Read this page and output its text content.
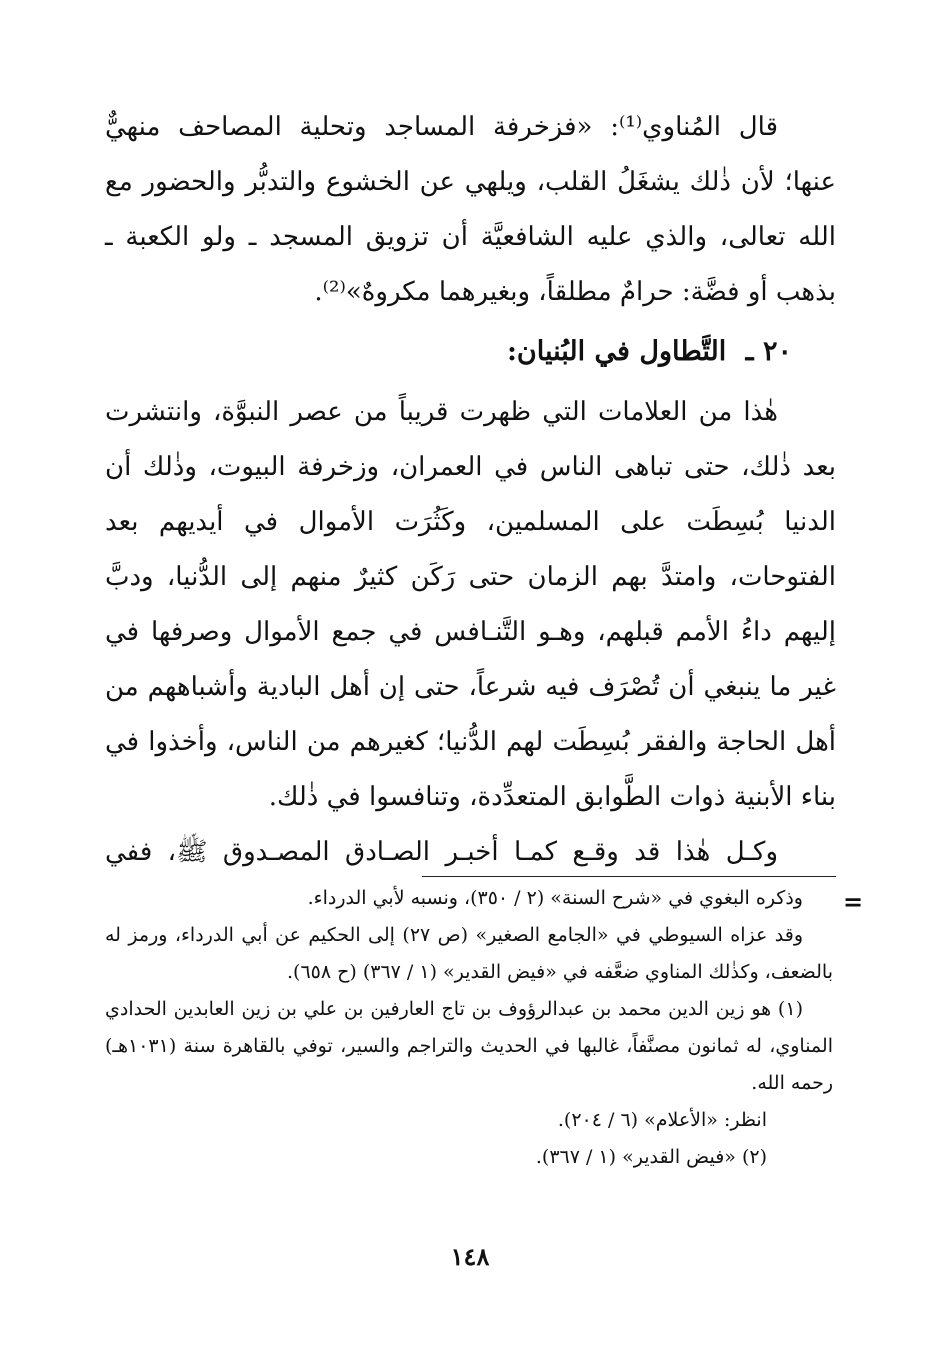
قال المُناوي⁽¹⁾: «فزخرفة المساجد وتحلية المصاحف منهيٌّ عنها؛ لأن ذٰلك يشغَلُ القلب، ويلهي عن الخشوع والتدبُّر والحضور مع الله تعالى، والذي عليه الشافعيَّة أن تزويق المسجد ـ ولو الكعبة ـ بذهب أو فضَّة: حرامٌ مطلقاً، وبغيرهما مكروهٌ»⁽²⁾.

٢٠ ـ التَّطاول في البُنيان:

هٰذا من العلامات التي ظهرت قريباً من عصر النبوَّة، وانتشرت بعد ذٰلك، حتى تباهى الناس في العمران، وزخرفة البيوت، وذٰلك أن الدنيا بُسِطَت على المسلمين، وكَثُرَت الأموال في أيديهم بعد الفتوحات، وامتدَّ بهم الزمان حتى رَكَن كثيرٌ منهم إلى الدُّنيا، ودبَّ إليهم داءُ الأمم قبلهم، وهـو التَّنـافس في جمع الأموال وصرفها في غير ما ينبغي أن تُصْرَف فيه شرعاً، حتى إن أهل البادية وأشباههم من أهل الحاجة والفقر بُسِطَت لهم الدُّنيا؛ كغيرهم من الناس، وأخذوا في بناء الأبنية ذوات الطَّوابق المتعدِّدة، وتنافسوا في ذٰلك.

وكـل هٰذا قد وقـع كمـا أخبـر الصـادق المصـدوق ﷺ، ففي

=

وذكره البغوي في «شرح السنة» (٢ / ٣٥٠)، ونسبه لأبي الدرداء.

وقد عزاه السيوطي في «الجامع الصغير» (ص ٢٧) إلى الحكيم عن أبي الدرداء، ورمز له بالضعف، وكذٰلك المناوي ضعَّفه في «فيض القدير» (١ / ٣٦٧) (ح ٦٥٨).

(١) هو زين الدين محمد بن عبدالرؤوف بن تاج العارفين بن علي بن زين العابدين الحدادي المناوي، له ثمانون مصنَّفاً، غالبها في الحديث والتراجم والسير، توفي بالقاهرة سنة (١٠٣١هـ) رحمه الله.

انظر: «الأعلام» (٦ / ٢٠٤).

(٢) «فيض القدير» (١ / ٣٦٧).

١٤٨
